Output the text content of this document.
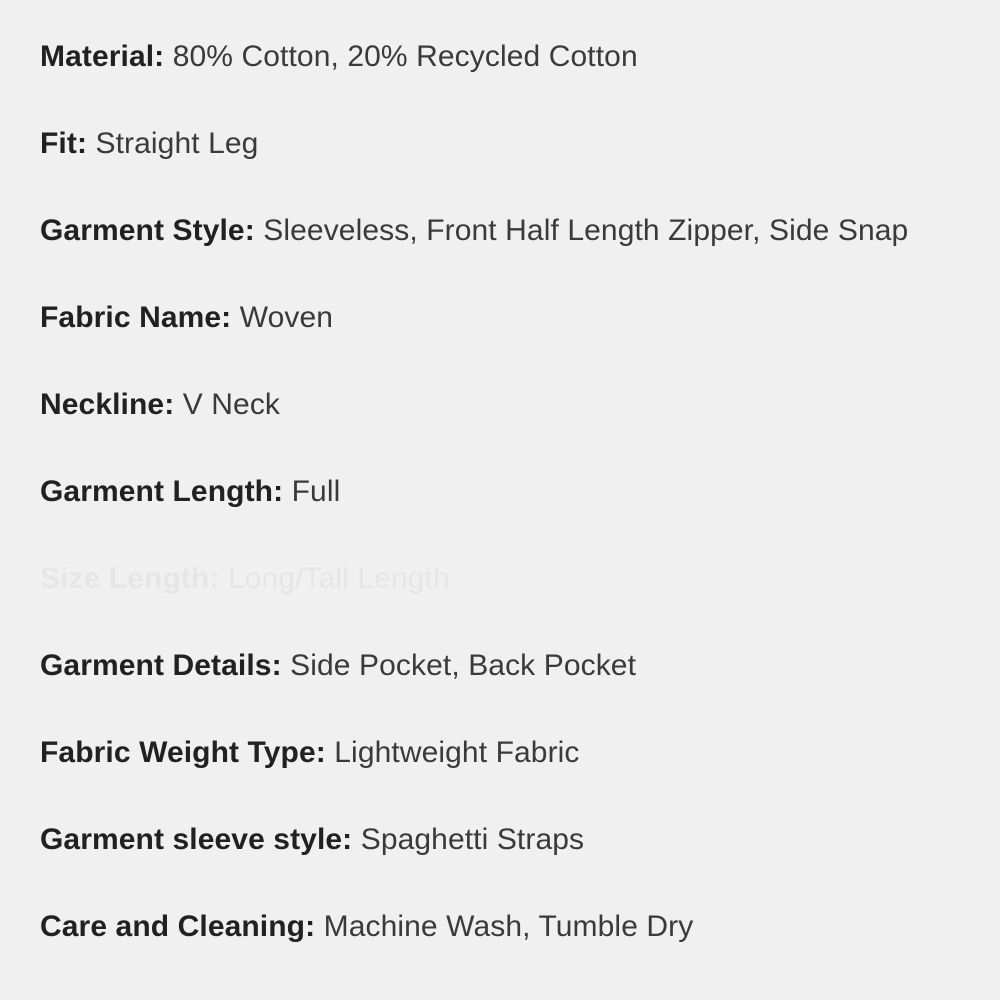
Material: 80% Cotton, 20% Recycled Cotton
Fit: Straight Leg
Garment Style: Sleeveless, Front Half Length Zipper, Side Snap
Fabric Name: Woven
Neckline: V Neck
Garment Length: Full
Size Length: Long/Tall Length
Garment Details: Side Pocket, Back Pocket
Fabric Weight Type: Lightweight Fabric
Garment sleeve style: Spaghetti Straps
Care and Cleaning: Machine Wash, Tumble Dry
